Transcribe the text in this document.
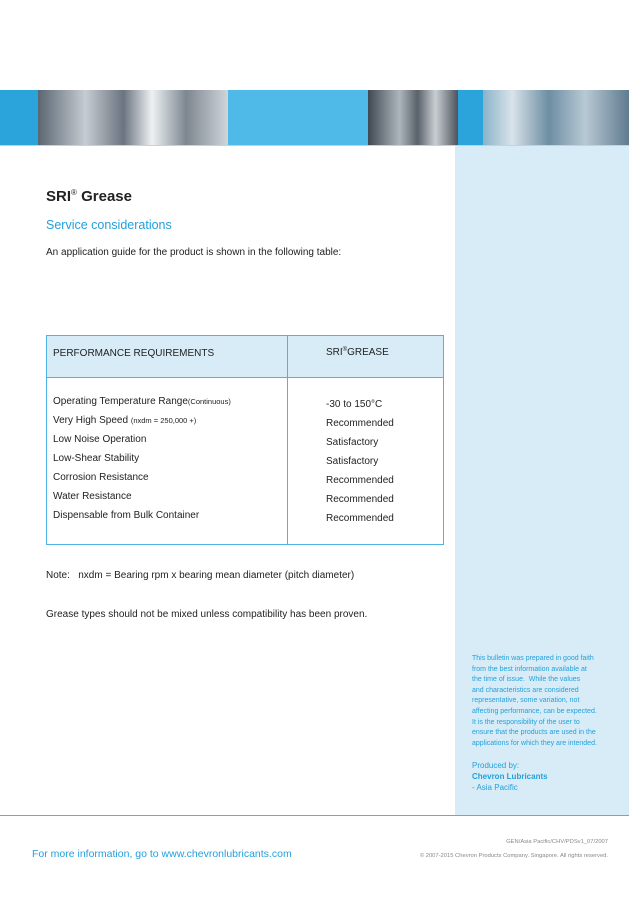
SRI® Grease
Service considerations
An application guide for the product is shown in the following table:
PERFORMANCE REQUIREMENTS	SRI®GREASE
Operating Temperature Range(Continuous)
Very High Speed (nxdm = 250,000 +)
Low Noise Operation
Low-Shear Stability
Corrosion Resistance
Water Resistance
Dispensable from Bulk Container
-30 to 150°C
Recommended
Satisfactory
Satisfactory
Recommended
Recommended
Recommended
Note:   nxdm = Bearing rpm x bearing mean diameter (pitch diameter)
Grease types should not be mixed unless compatibility has been proven.
This bulletin was prepared in good faith
from the best information available at
the time of issue.  While the values
and characteristics are considered
representative, some variation, not
affecting performance, can be expected.
It is the responsibility of the user to
ensure that the products are used in the
applications for which they are intended.
Produced by:
Chevron Lubricants
- Asia Pacific
For more information, go to www.chevronlubricants.com
GEN/Asia Pacific/CHV/PDSv1_07/2007
© 2007-2015 Chevron Products Company. Singapore. All rights reserved.
